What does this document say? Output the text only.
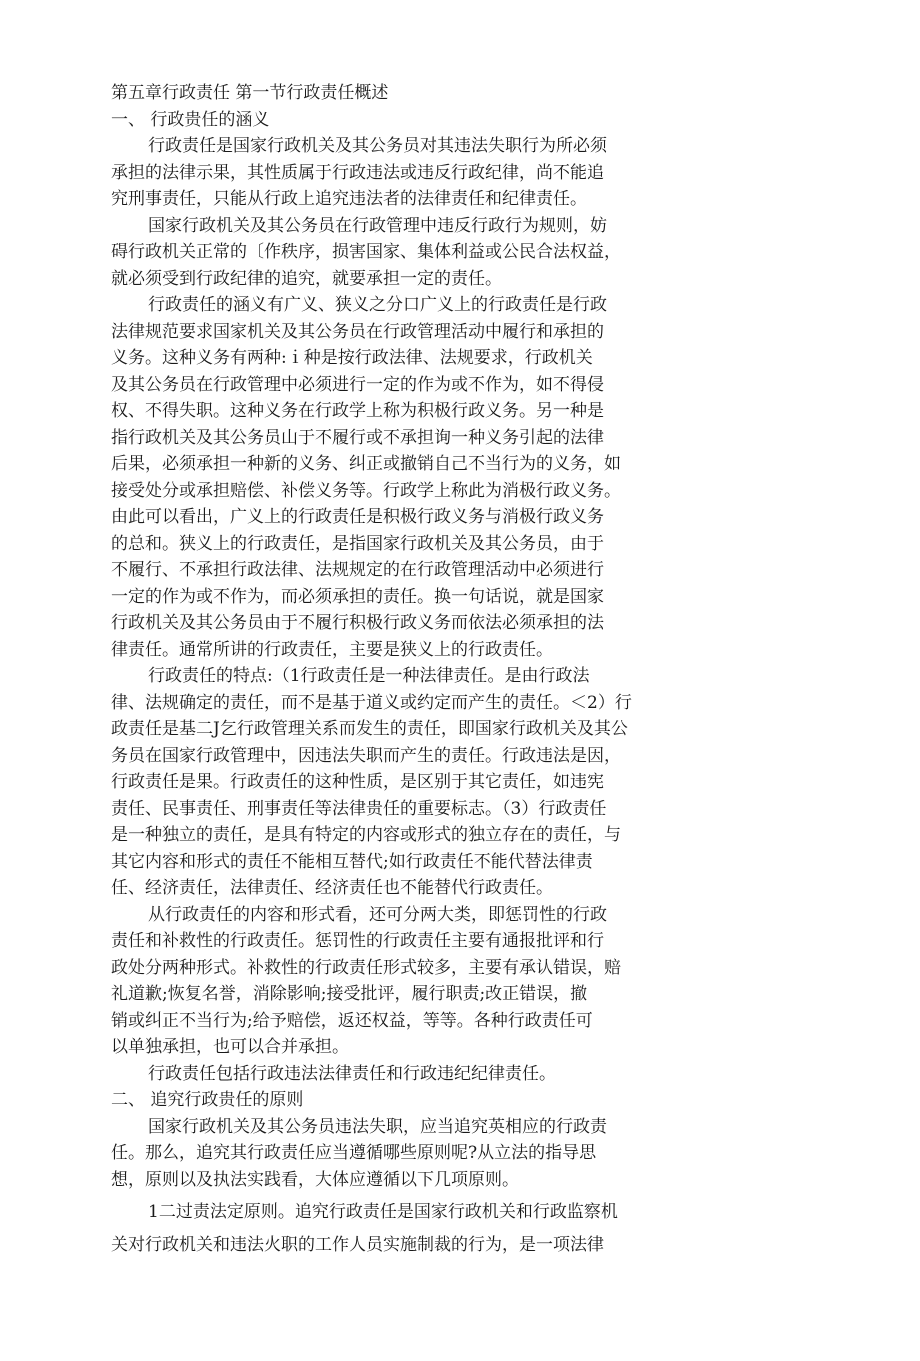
第五章行政责任 第一节行政责任概述
一、 行政贵任的涵义
行政责任是国家行政机关及其公务员对其违法失职行为所必须
承担的法律示果，其性质属于行政违法或违反行政纪律，尚不能追
究刑事责任，只能从行政上追究违法者的法律责任和纪律责任。
国家行政机关及其公务员在行政管理中违反行政行为规则，妨
碍行政机关正常的〔作秩序，损害国家、集体利益或公民合法权益，
就必须受到行政纪律的追究，就要承担一定的责任。
行政责任的涵义有广义、狭义之分口广义上的行政责任是行政
法律规范要求国家机关及其公务员在行政管理活动中履行和承担的
义务。这种义务有两种:ｉ种是按行政法律、法规要求，行政机关
及其公务员在行政管理中必须进行一定的作为或不作为，如不得侵
权、不得失职。这种义务在行政学上称为积极行政义务。另一种是
指行政机关及其公务员山于不履行或不承担询一种义务引起的法律
后果，必须承担一种新的义务、纠正或撤销自己不当行为的义务，如
接受处分或承担赔偿、补偿义务等。行政学上称此为消极行政义务。
由此可以看出，广义上的行政责任是积极行政义务与消极行政义务
的总和。狭义上的行政责任，是指国家行政机关及其公务员，由于
不履行、不承担行政法律、法规规定的在行政管理活动中必须进行
一定的作为或不作为，而必须承担的责任。换一句话说，就是国家
行政机关及其公务员由于不履行积极行政义务而依法必须承担的法
律责任。通常所讲的行政责任，主要是狭义上的行政责任。
行政责任的特点:（1行政责任是一种法律责任。是由行政法
律、法规确定的责任，而不是基于道义或约定而产生的责任。＜2）行
政责任是基二J乞行政管理关系而发生的责任，即国家行政机关及其公
务员在国家行政管理中，因违法失职而产生的责任。行政违法是因，
行政责任是果。行政责任的这种性质，是区别于其它责任，如违宪
责任、民事责任、刑事责任等法律贵任的重要标志。（3）行政责任
是一种独立的责任，是具有特定的内容或形式的独立存在的责任，与
其它内容和形式的责任不能相互替代;如行政责任不能代替法律责
任、经济责任，法律责任、经济责任也不能替代行政责任。
从行政责任的内容和形式看，还可分两大类，即惩罚性的行政
责任和补救性的行政责任。惩罚性的行政责任主要有通报批评和行
政处分两种形式。补救性的行政责任形式较多，主要有承认错误，赔
礼道歉;恢复名誉，消除影响;接受批评，履行职责;改正错误，撤
销或纠正不当行为;给予赔偿，返还权益，等等。各种行政责任可
以单独承担，也可以合并承担。
行政责任包括行政违法法律责任和行政违纪纪律责任。
二、 追究行政贵任的原则
国家行政机关及其公务员违法失职，应当追究英相应的行政责
任。那么，追究其行政责任应当遵循哪些原则呢?从立法的指导思
想，原则以及执法实践看，大体应遵循以下几项原则。
1二过责法定原则。追究行政责任是国家行政机关和行政监察机
关对行政机关和违法火职的工作人员实施制裁的行为，是一项法律
